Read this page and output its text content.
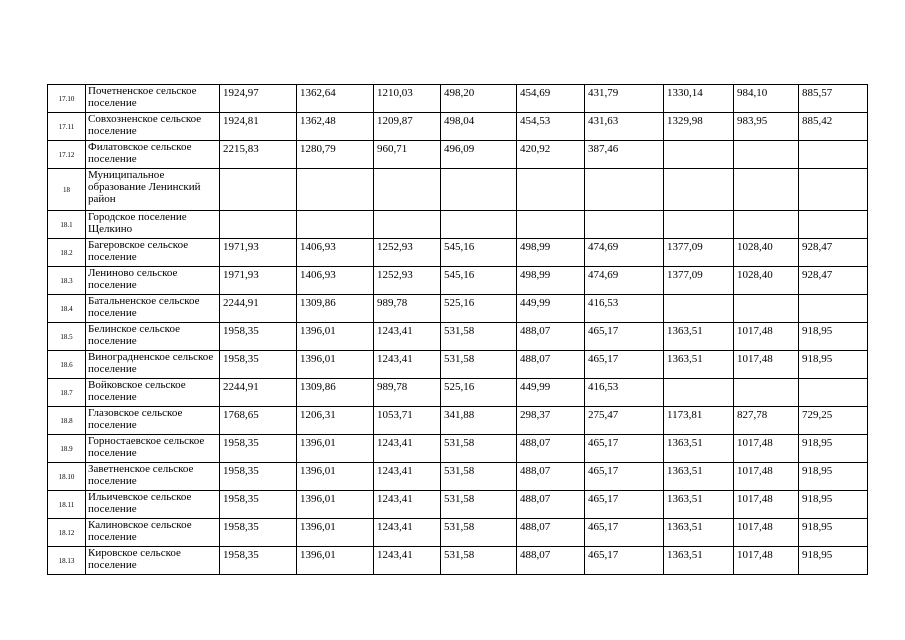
17.10	Почетненское сельское поселение	1924,97	1362,64	1210,03	498,20	454,69	431,79	1330,14	984,10	885,57
17.11	Совхозненское сельское поселение	1924,81	1362,48	1209,87	498,04	454,53	431,63	1329,98	983,95	885,42
17.12	Филатовское сельское поселение	2215,83	1280,79	960,71	496,09	420,92	387,46			
18	Муниципальное образование Ленинский район									
18.1	Городское поселение Щелкино									
18.2	Багеровское сельское поселение	1971,93	1406,93	1252,93	545,16	498,99	474,69	1377,09	1028,40	928,47
18.3	Лениново сельское поселение	1971,93	1406,93	1252,93	545,16	498,99	474,69	1377,09	1028,40	928,47
18.4	Батальненское сельское поселение	2244,91	1309,86	989,78	525,16	449,99	416,53			
18.5	Белинское сельское поселение	1958,35	1396,01	1243,41	531,58	488,07	465,17	1363,51	1017,48	918,95
18.6	Виноградненское сельское поселение	1958,35	1396,01	1243,41	531,58	488,07	465,17	1363,51	1017,48	918,95
18.7	Войковское сельское поселение	2244,91	1309,86	989,78	525,16	449,99	416,53			
18.8	Глазовское сельское поселение	1768,65	1206,31	1053,71	341,88	298,37	275,47	1173,81	827,78	729,25
18.9	Горностаевское сельское поселение	1958,35	1396,01	1243,41	531,58	488,07	465,17	1363,51	1017,48	918,95
18.10	Заветненское сельское поселение	1958,35	1396,01	1243,41	531,58	488,07	465,17	1363,51	1017,48	918,95
18.11	Ильичевское сельское поселение	1958,35	1396,01	1243,41	531,58	488,07	465,17	1363,51	1017,48	918,95
18.12	Калиновское сельское поселение	1958,35	1396,01	1243,41	531,58	488,07	465,17	1363,51	1017,48	918,95
18.13	Кировское сельское поселение	1958,35	1396,01	1243,41	531,58	488,07	465,17	1363,51	1017,48	918,95
